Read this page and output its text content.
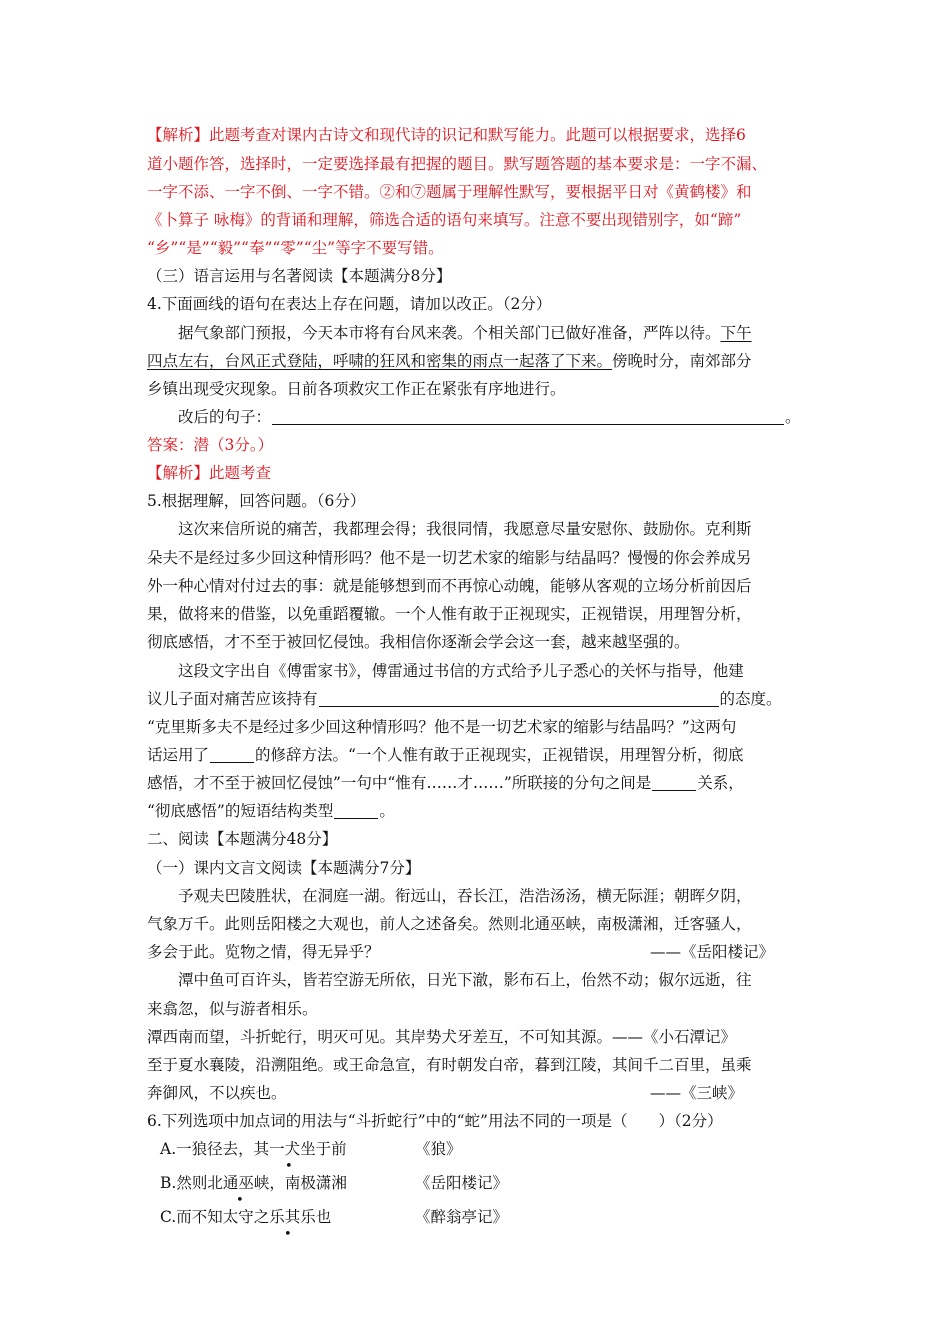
【解析】此题考查对课内古诗文和现代诗的识记和默写能力。此题可以根据要求，选择6
道小题作答，选择时，一定要选择最有把握的题目。默写题答题的基本要求是：一字不漏、
一字不添、一字不倒、一字不错。②和⑦题属于理解性默写，要根据平日对《黄鹤楼》和
《卜算子 咏梅》的背诵和理解，筛选合适的语句来填写。注意不要出现错别字，如“蹄”
“乡”“是”“毅”“奉”“零”“尘”等字不要写错。
（三）语言运用与名著阅读【本题满分8分】
4.下面画线的语句在表达上存在问题，请加以改正。（2分）
据气象部门预报，今天本市将有台风来袭。个相关部门已做好准备，严阵以待。下午
四点左右，台风正式登陆，呼啸的狂风和密集的雨点一起落了下来。傍晚时分，南郊部分
乡镇出现受灾现象。日前各项救灾工作正在紧张有序地进行。
改后的句子：	。
答案：潜（3分。）
【解析】此题考查
5.根据理解，回答问题。（6分）
这次来信所说的痛苦，我都理会得；我很同情，我愿意尽量安慰你、鼓励你。克利斯
朵夫不是经过多少回这种情形吗？他不是一切艺术家的缩影与结晶吗？慢慢的你会养成另
外一种心情对付过去的事：就是能够想到而不再惊心动魄，能够从客观的立场分析前因后
果，做将来的借鉴，以免重蹈覆辙。一个人惟有敢于正视现实，正视错误，用理智分析，
彻底感悟，才不至于被回忆侵蚀。我相信你逐渐会学会这一套，越来越坚强的。
这段文字出自《傅雷家书》，傅雷通过书信的方式给予儿子悉心的关怀与指导，他建
议儿子面对痛苦应该持有	的态度。
“克里斯多夫不是经过多少回这种情形吗？他不是一切艺术家的缩影与结晶吗？”这两句
话运用了	的修辞方法。“一个人惟有敢于正视现实，正视错误，用理智分析，彻底
感悟，才不至于被回忆侵蚀”一句中“惟有……才……”所联接的分句之间是	关系，
“彻底感悟”的短语结构类型	。
二、阅读【本题满分48分】
（一）课内文言文阅读【本题满分7分】
予观夫巴陵胜状，在洞庭一湖。衔远山，吞长江，浩浩汤汤，横无际涯；朝晖夕阴，
气象万千。此则岳阳楼之大观也，前人之述备矣。然则北通巫峡，南极潇湘，迁客骚人，
多会于此。览物之情，得无异乎？	——《岳阳楼记》
潭中鱼可百许头，皆若空游无所依，日光下澈，影布石上，佁然不动；俶尔远逝，往
来翕忽，似与游者相乐。
潭西南而望，斗折蛇行，明灭可见。其岸势犬牙差互，不可知其源。——《小石潭记》
至于夏水襄陵，沿溯阻绝。或王命急宣，有时朝发白帝，暮到江陵，其间千二百里，虽乘
奔御风，不以疾也。	——《三峡》
6.下列选项中加点词的用法与“斗折蛇行”中的“蛇”用法不同的一项是（　　）（2分）
A.一狼径去，其一犬坐于前	《狼》
•
B.然则北通巫峡，南极潇湘	《岳阳楼记》
•
C.而不知太守之乐其乐也	《醉翁亭记》
•
